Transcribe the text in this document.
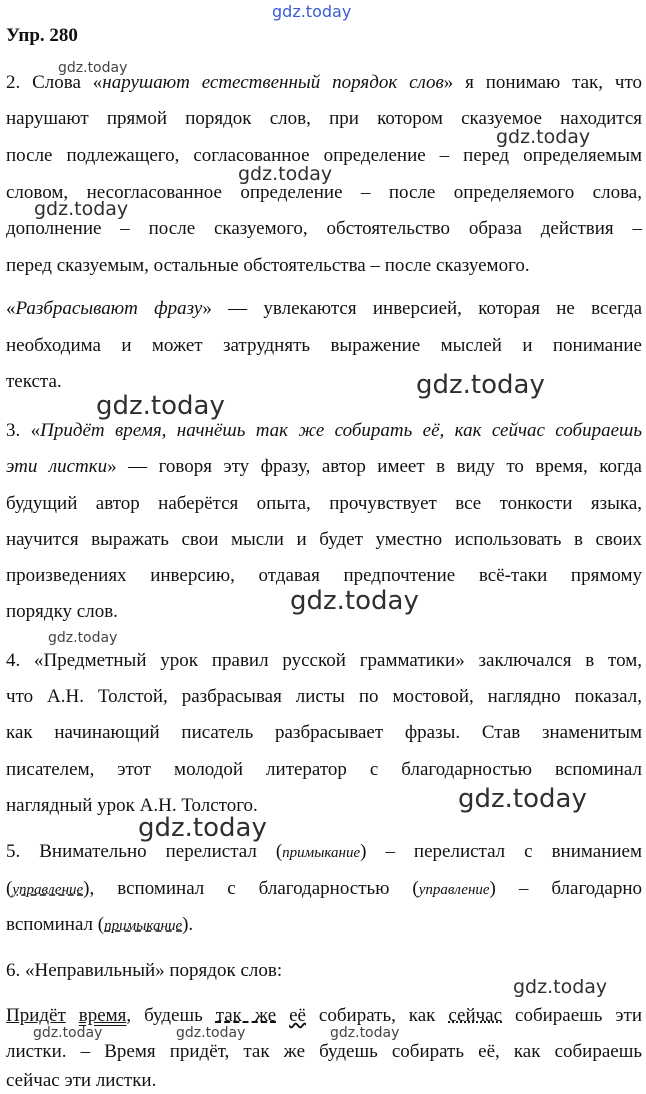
gdz.today
gdz.today
gdz.today
gdz.today
gdz.today
gdz.today
gdz.today
gdz.today
gdz.today
gdz.today
gdz.today
gdz.today
gdz.today	gdz.today	gdz.today
Упр. 280
2. Слова «нарушают естественный порядок слов» я понимаю так, что
нарушают прямой порядок слов, при котором сказуемое находится
после подлежащего, согласованное определение – перед определяемым
словом, несогласованное определение – после определяемого слова,
дополнение – после сказуемого, обстоятельство образа действия –
перед сказуемым, остальные обстоятельства – после сказуемого.
«Разбрасывают фразу» — увлекаются инверсией, которая не всегда
необходима и может затруднять выражение мыслей и понимание
текста.
3. «Придёт время, начнёшь так же собирать её, как сейчас собираешь
эти листки» — говоря эту фразу, автор имеет в виду то время, когда
будущий автор наберётся опыта, прочувствует все тонкости языка,
научится выражать свои мысли и будет уместно использовать в своих
произведениях инверсию, отдавая предпочтение всё-таки прямому
порядку слов.
4. «Предметный урок правил русской грамматики» заключался в том,
что А.Н. Толстой, разбрасывая листы по мостовой, наглядно показал,
как начинающий писатель разбрасывает фразы. Став знаменитым
писателем, этот молодой литератор с благодарностью вспоминал
наглядный урок А.Н. Толстого.
5. Внимательно перелистал (примыкание) – перелистал с вниманием
(управление), вспоминал с благодарностью (управление) – благодарно
вспоминал (примыкание).
6. «Неправильный» порядок слов:
Придёт время, будешь так же её собирать, как сейчас собираешь эти
листки. – Время придёт, так же будешь собирать её, как собираешь
сейчас эти листки.
